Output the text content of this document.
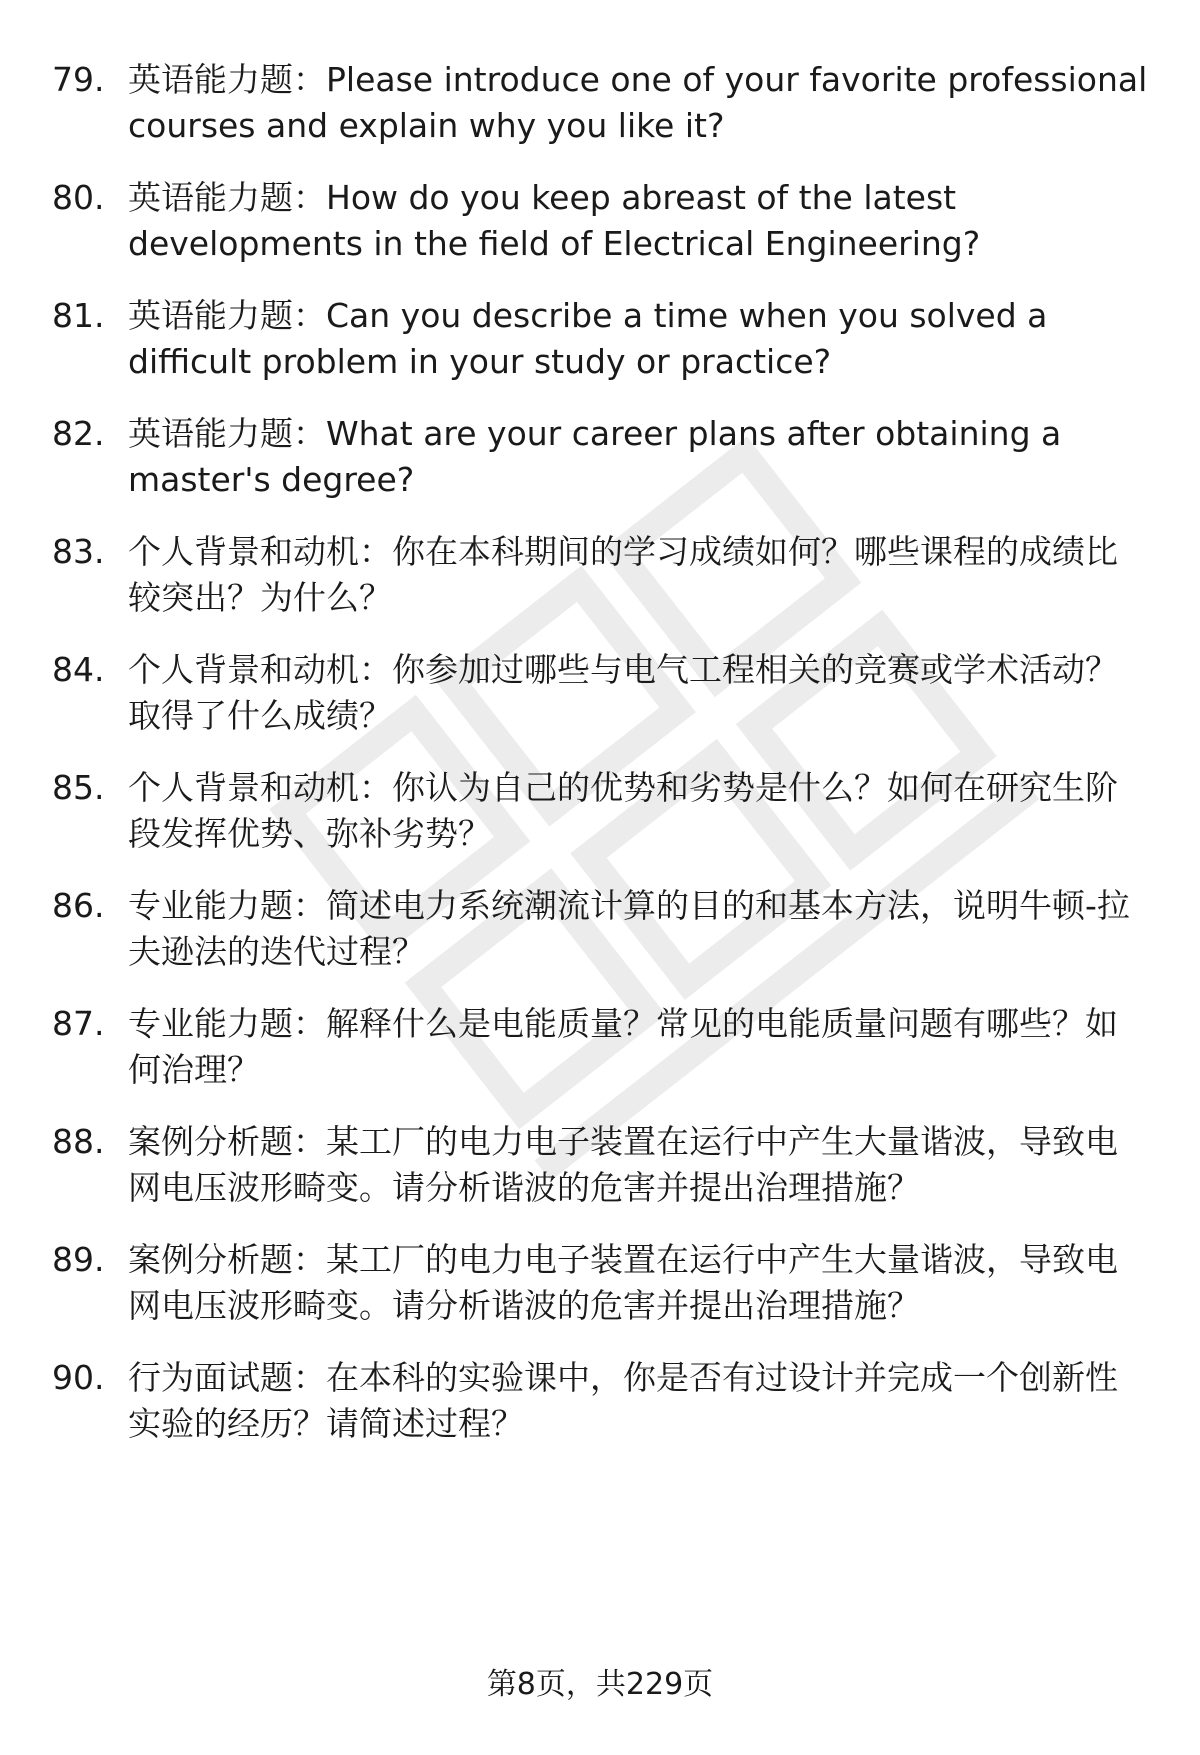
79. 英语能力题：Please introduce one of your favorite professional courses and explain why you like it?
80. 英语能力题：How do you keep abreast of the latest developments in the field of Electrical Engineering?
81. 英语能力题：Can you describe a time when you solved a difficult problem in your study or practice?
82. 英语能力题：What are your career plans after obtaining a master's degree?
83. 个人背景和动机：你在本科期间的学习成绩如何？哪些课程的成绩比较突出？为什么？
84. 个人背景和动机：你参加过哪些与电气工程相关的竞赛或学术活动？取得了什么成绩？
85. 个人背景和动机：你认为自己的优势和劣势是什么？如何在研究生阶段发挥优势、弥补劣势？
86. 专业能力题：简述电力系统潮流计算的目的和基本方法，说明牛顿-拉夫逊法的迭代过程？
87. 专业能力题：解释什么是电能质量？常见的电能质量问题有哪些？如何治理？
88. 案例分析题：某工厂的电力电子装置在运行中产生大量谐波，导致电网电压波形畸变。请分析谐波的危害并提出治理措施？
89. 案例分析题：某工厂的电力电子装置在运行中产生大量谐波，导致电网电压波形畸变。请分析谐波的危害并提出治理措施？
90. 行为面试题：在本科的实验课中，你是否有过设计并完成一个创新性实验的经历？请简述过程？
第8页，共229页
